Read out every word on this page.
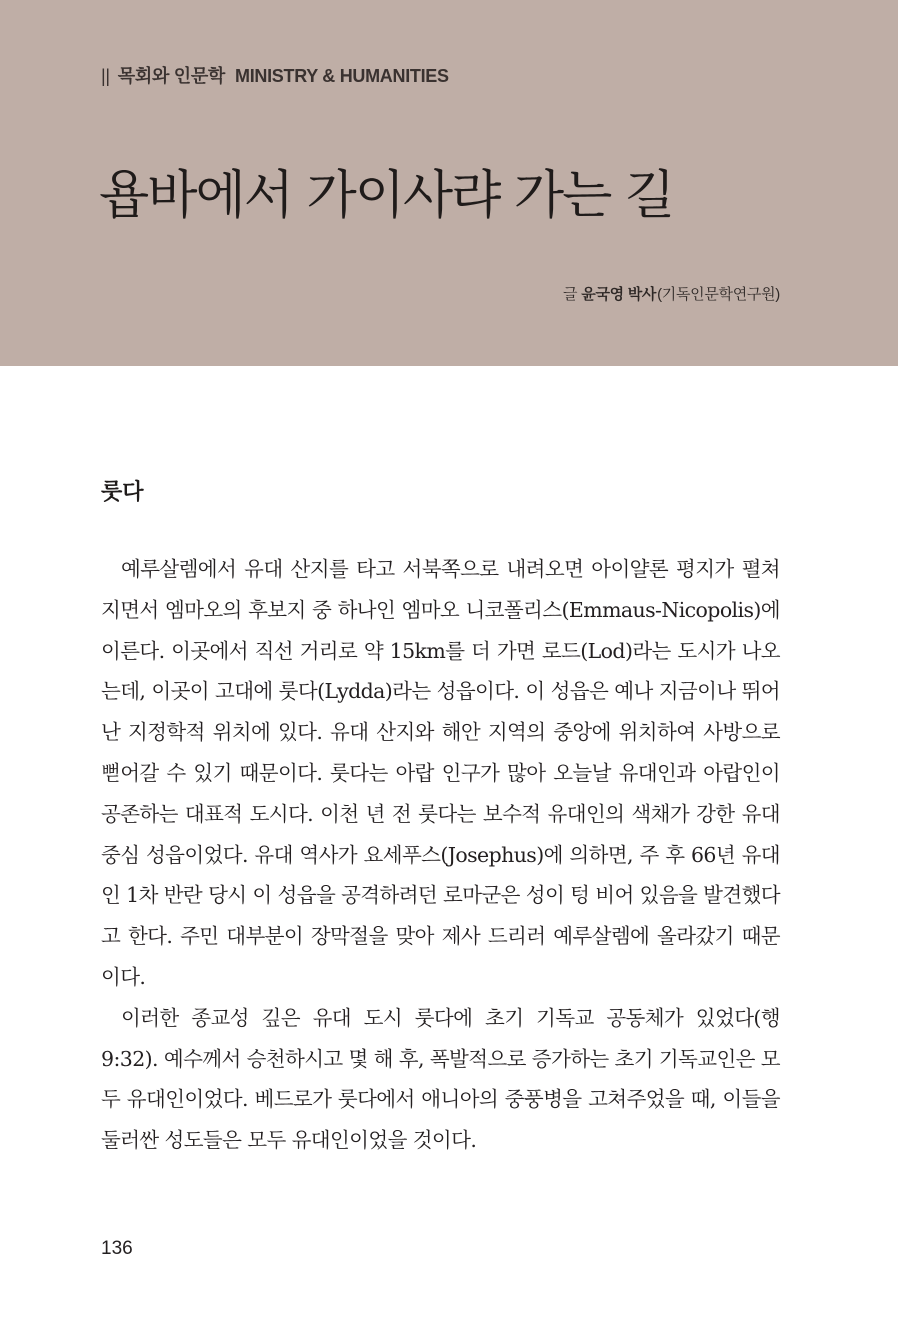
|| 목회와 인문학 MINISTRY & HUMANITIES
욥바에서 가이사랴 가는 길
글 윤국영 박사(기독인문학연구원)
룻다

예루살렘에서 유대 산지를 타고 서북쪽으로 내려오면 아이얄론 평지가 펼쳐지면서 엠마오의 후보지 중 하나인 엠마오 니코폴리스(Emmaus-Nicopolis)에 이른다. 이곳에서 직선 거리로 약 15km를 더 가면 로드(Lod)라는 도시가 나오는데, 이곳이 고대에 룻다(Lydda)라는 성읍이다. 이 성읍은 예나 지금이나 뛰어난 지정학적 위치에 있다. 유대 산지와 해안 지역의 중앙에 위치하여 사방으로 뻗어갈 수 있기 때문이다. 룻다는 아랍 인구가 많아 오늘날 유대인과 아랍인이 공존하는 대표적 도시다. 이천 년 전 룻다는 보수적 유대인의 색채가 강한 유대 중심 성읍이었다. 유대 역사가 요세푸스(Josephus)에 의하면, 주 후 66년 유대인 1차 반란 당시 이 성읍을 공격하려던 로마군은 성이 텅 비어 있음을 발견했다고 한다. 주민 대부분이 장막절을 맞아 제사 드리러 예루살렘에 올라갔기 때문이다.

이러한 종교성 깊은 유대 도시 룻다에 초기 기독교 공동체가 있었다(행 9:32). 예수께서 승천하시고 몇 해 후, 폭발적으로 증가하는 초기 기독교인은 모두 유대인이었다. 베드로가 룻다에서 애니아의 중풍병을 고쳐주었을 때, 이들을 둘러싼 성도들은 모두 유대인이었을 것이다.

136
